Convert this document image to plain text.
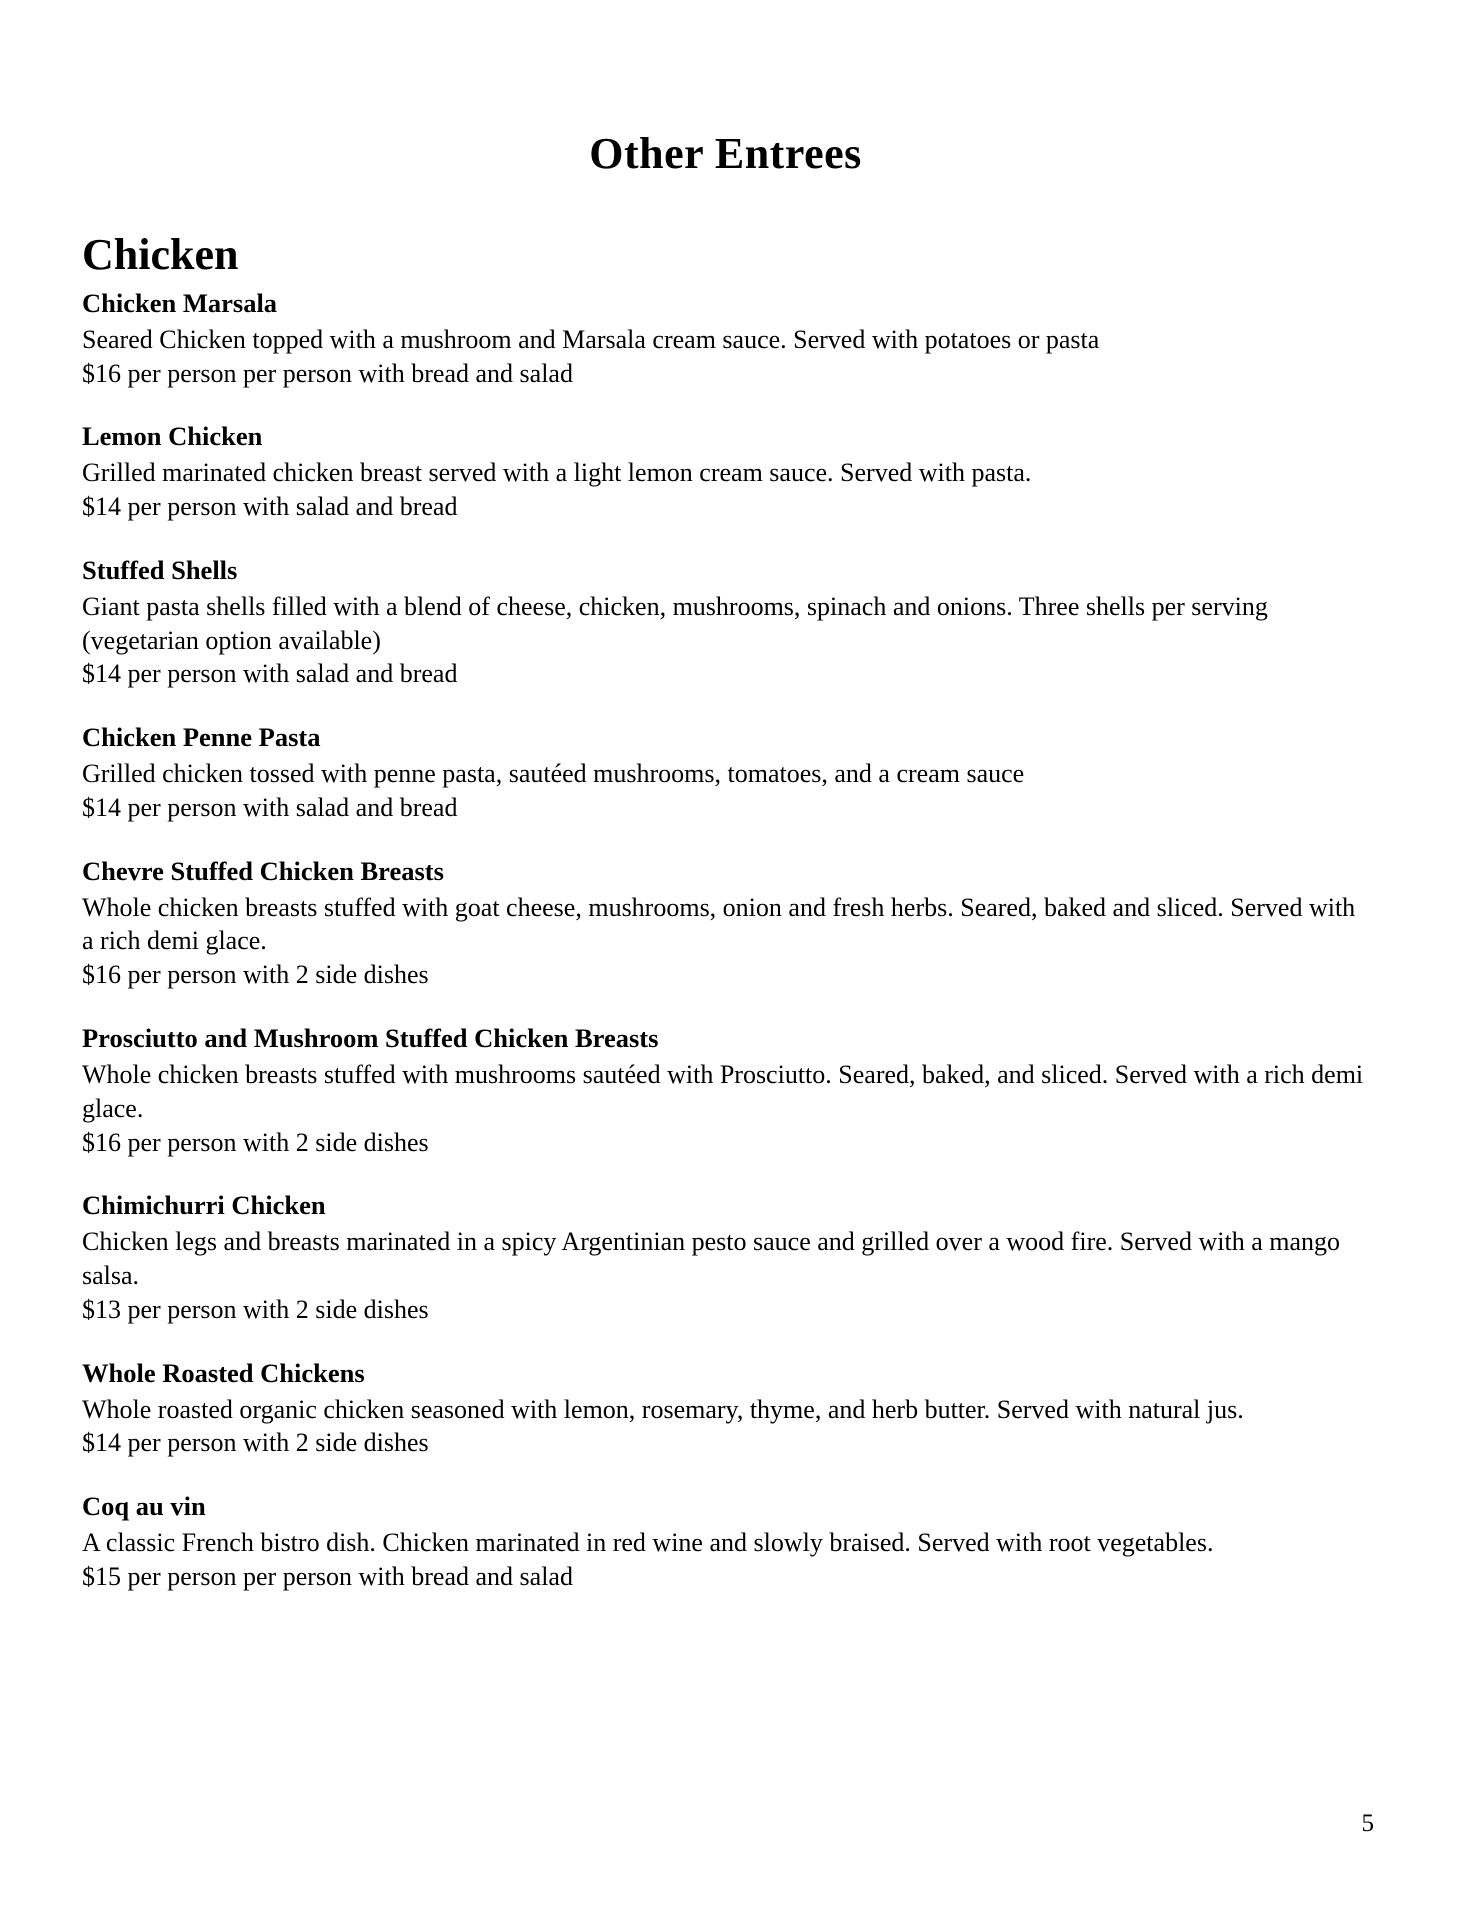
Other Entrees
Chicken
Chicken Marsala

Seared Chicken topped with a mushroom and Marsala cream sauce. Served with potatoes or pasta

$16 per person per person with bread and salad

Lemon Chicken

Grilled marinated chicken breast served with a light lemon cream sauce. Served with pasta.

$14 per person with salad and bread

Stuffed Shells

Giant pasta shells filled with a blend of cheese, chicken, mushrooms, spinach and onions. Three shells per serving (vegetarian option available)

$14 per person with salad and bread

Chicken Penne Pasta

Grilled chicken tossed with penne pasta, sautéed mushrooms, tomatoes, and a cream sauce

$14 per person with salad and bread

Chevre Stuffed Chicken Breasts

Whole chicken breasts stuffed with goat cheese, mushrooms, onion and fresh herbs. Seared, baked and sliced. Served with a rich demi glace.

$16 per person with 2 side dishes

Prosciutto and Mushroom Stuffed Chicken Breasts

Whole chicken breasts stuffed with mushrooms sautéed with Prosciutto. Seared, baked, and sliced. Served with a rich demi glace.

$16 per person with 2 side dishes

Chimichurri Chicken

Chicken legs and breasts marinated in a spicy Argentinian pesto sauce and grilled over a wood fire. Served with a mango salsa.

$13 per person with 2 side dishes

Whole Roasted Chickens

Whole roasted organic chicken seasoned with lemon, rosemary, thyme, and herb butter. Served with natural jus.

$14 per person with 2 side dishes

Coq au vin

A classic French bistro dish. Chicken marinated in red wine and slowly braised. Served with root vegetables.

$15 per person per person with bread and salad

5
